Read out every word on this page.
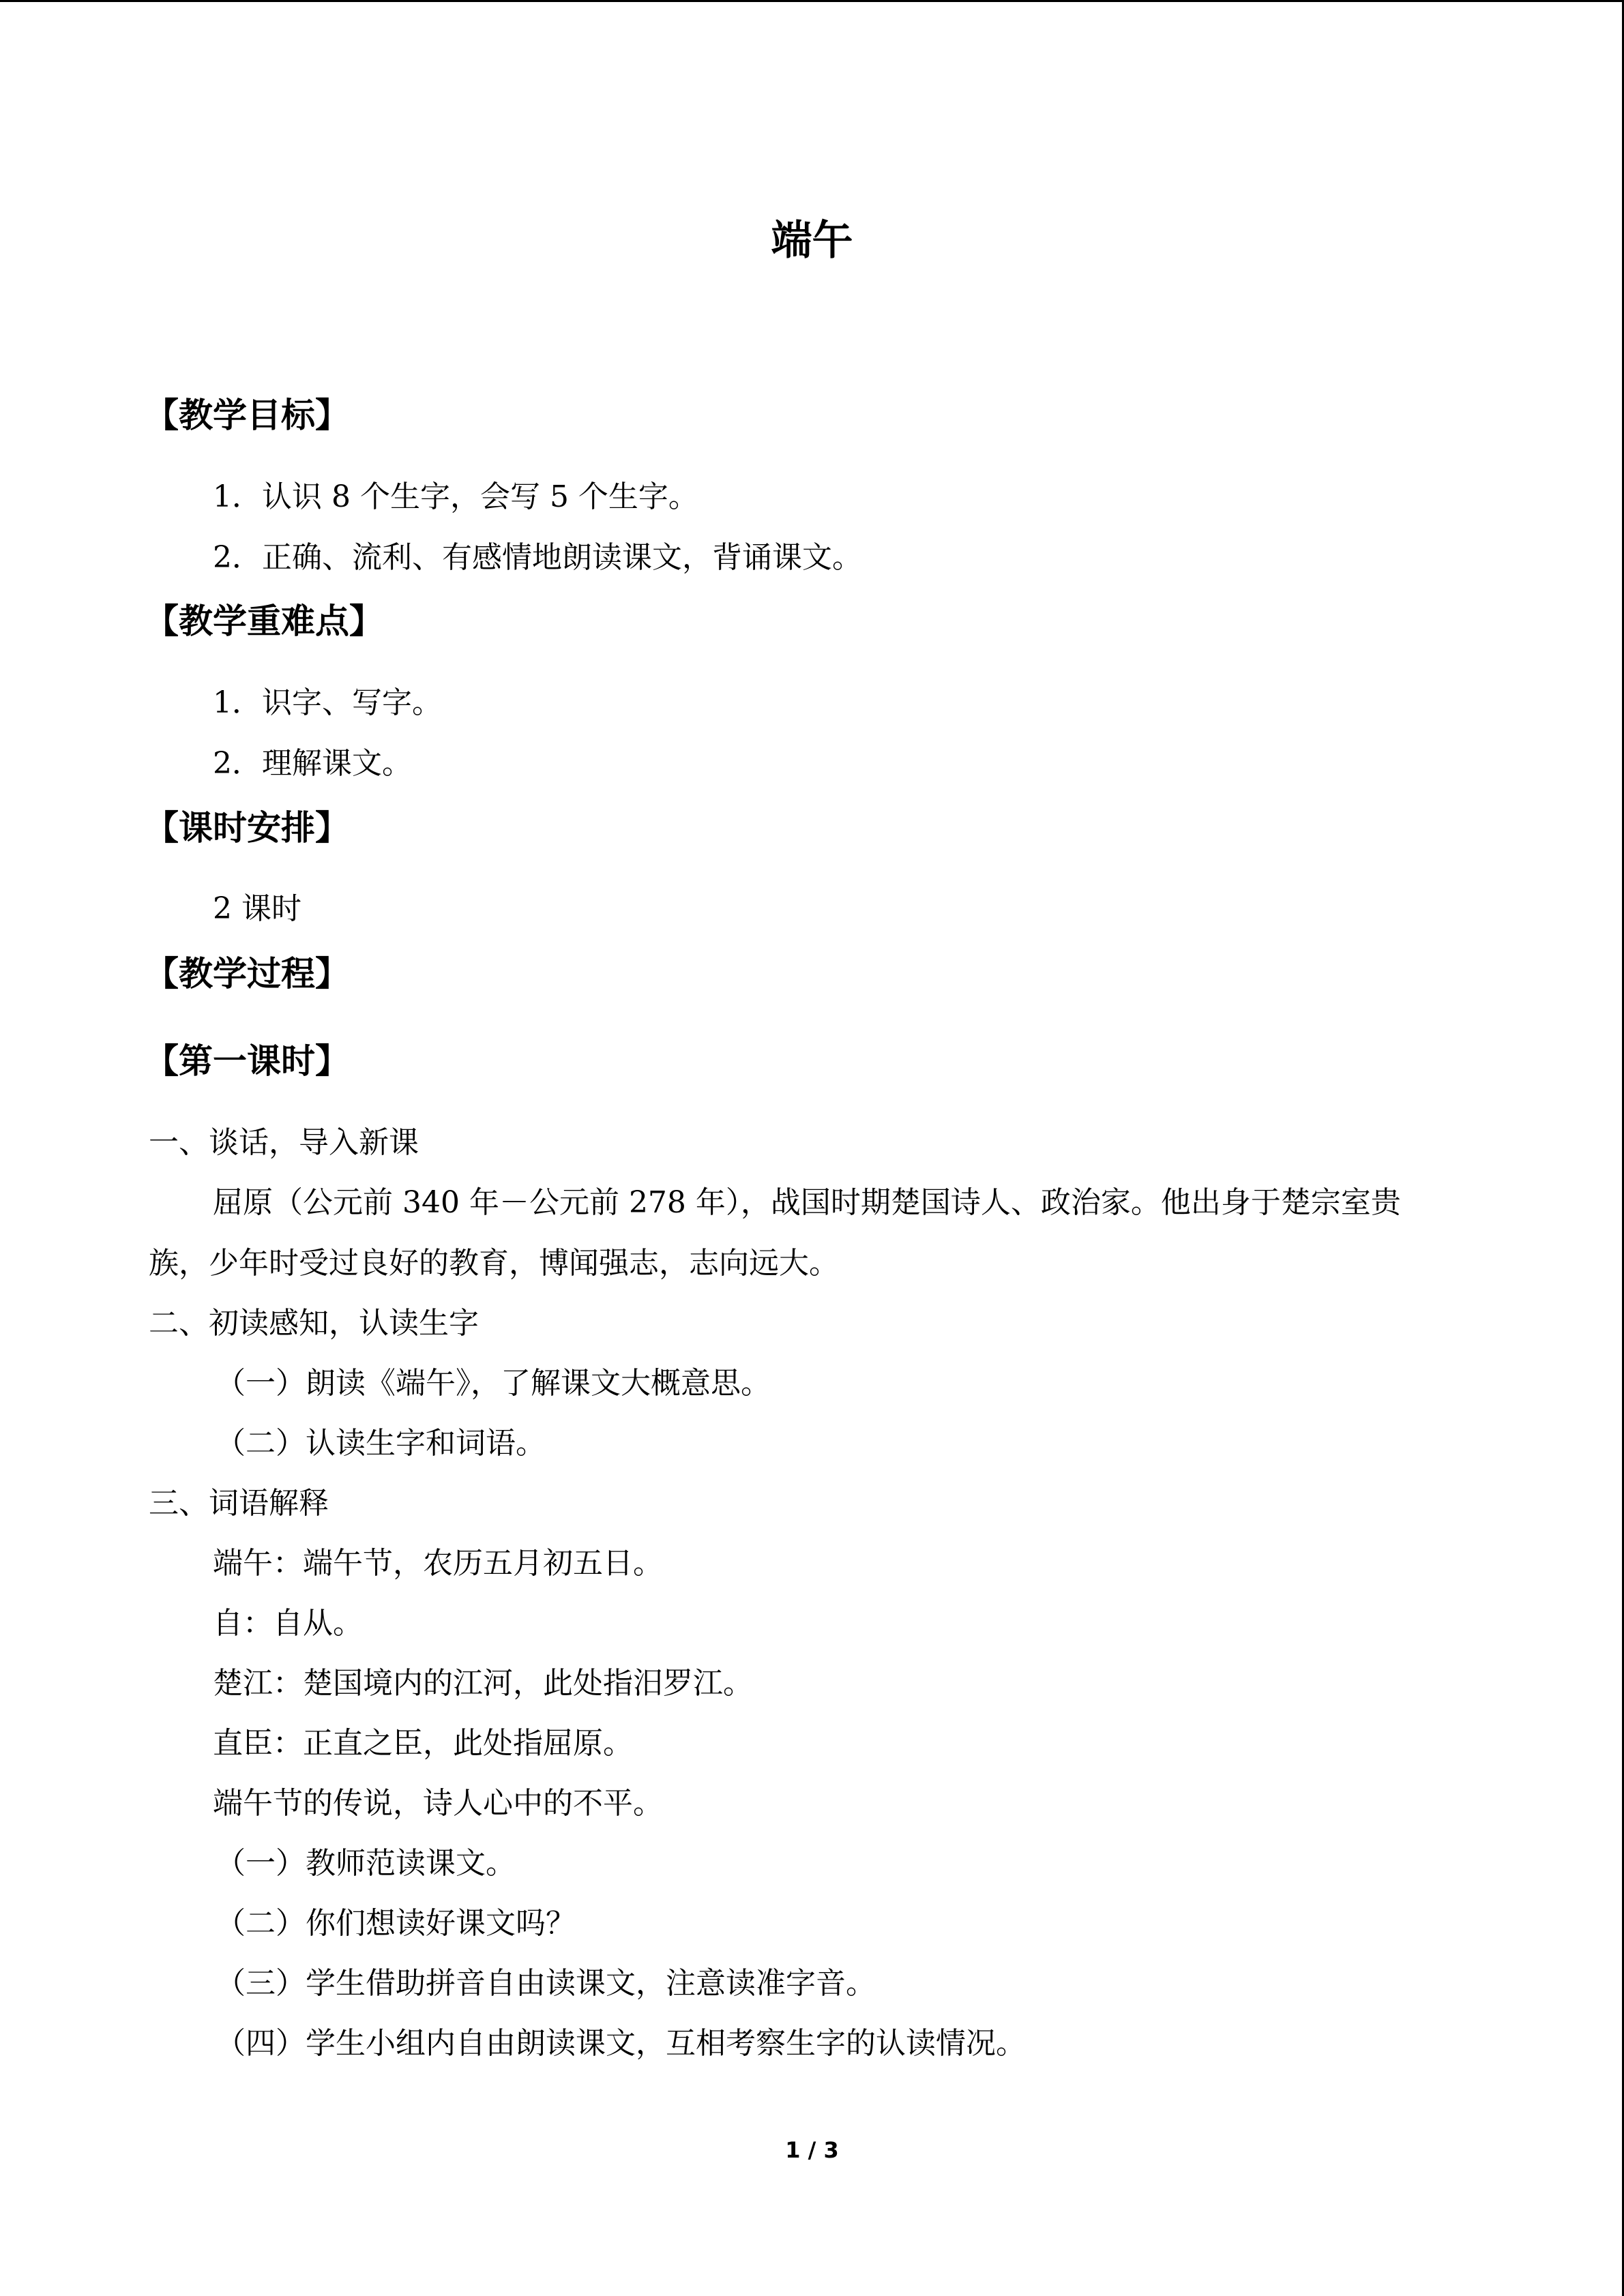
端午
【教学目标】
1．认识 8 个生字，会写 5 个生字。
2．正确、流利、有感情地朗读课文，背诵课文。
【教学重难点】
1．识字、写字。
2．理解课文。
【课时安排】
2 课时
【教学过程】
【第一课时】
一、谈话，导入新课
屈原（公元前 340 年－公元前 278 年），战国时期楚国诗人、政治家。他出身于楚宗室贵
族，少年时受过良好的教育，博闻强志，志向远大。
二、初读感知，认读生字
（一）朗读《端午》，了解课文大概意思。
（二）认读生字和词语。
三、词语解释
端午：端午节，农历五月初五日。
自：自从。
楚江：楚国境内的江河，此处指汨罗江。
直臣：正直之臣，此处指屈原。
端午节的传说，诗人心中的不平。
（一）教师范读课文。
（二）你们想读好课文吗？
（三）学生借助拼音自由读课文，注意读准字音。
（四）学生小组内自由朗读课文，互相考察生字的认读情况。
1 / 3
